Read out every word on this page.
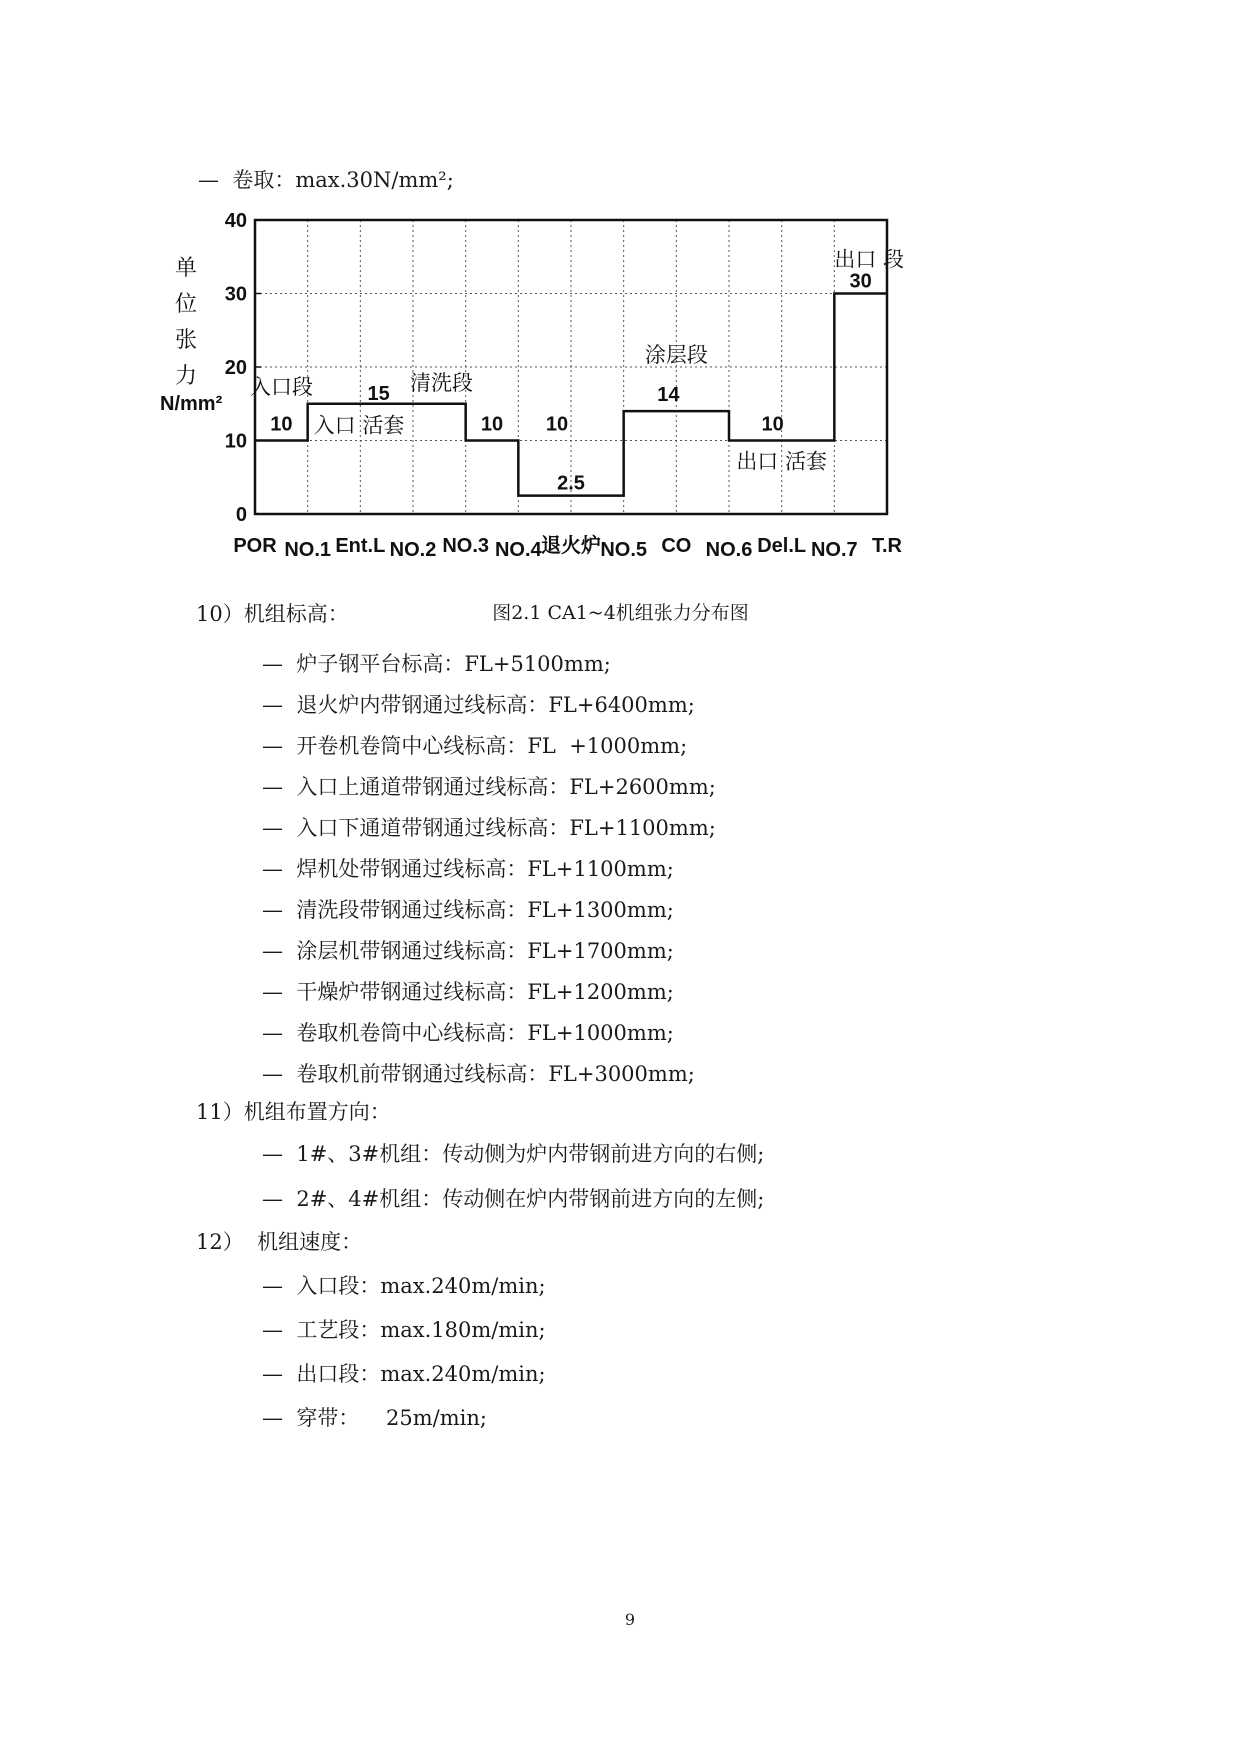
—  卷取：max.30N/mm²;
0
10
20
30
40
单
位
张
力
N/mm²
POR NO.1 Ent.L NO.2 NO.3 NO.4 退火炉 NO.5 CO NO.6 Del.L NO.7 T.R
10
15
10
2.5
14
10
30
10
入口段
入口 活套
清洗段
涂层段
出口 活套
出口 段
图2.1 CA1~4机组张力分布图
10）机组标高：
—  炉子钢平台标高：FL+5100mm;
—  退火炉内带钢通过线标高：FL+6400mm;
—  开卷机卷筒中心线标高：FL  +1000mm;
—  入口上通道带钢通过线标高：FL+2600mm;
—  入口下通道带钢通过线标高：FL+1100mm;
—  焊机处带钢通过线标高：FL+1100mm;
—  清洗段带钢通过线标高：FL+1300mm;
—  涂层机带钢通过线标高：FL+1700mm;
—  干燥炉带钢通过线标高：FL+1200mm;
—  卷取机卷筒中心线标高：FL+1000mm;
—  卷取机前带钢通过线标高：FL+3000mm;
11）机组布置方向：
—  1#、3#机组：传动侧为炉内带钢前进方向的右侧;
—  2#、4#机组：传动侧在炉内带钢前进方向的左侧;
12）  机组速度：
—  入口段：max.240m/min;
—  工艺段：max.180m/min;
—  出口段：max.240m/min;
—  穿带：    25m/min;
9
